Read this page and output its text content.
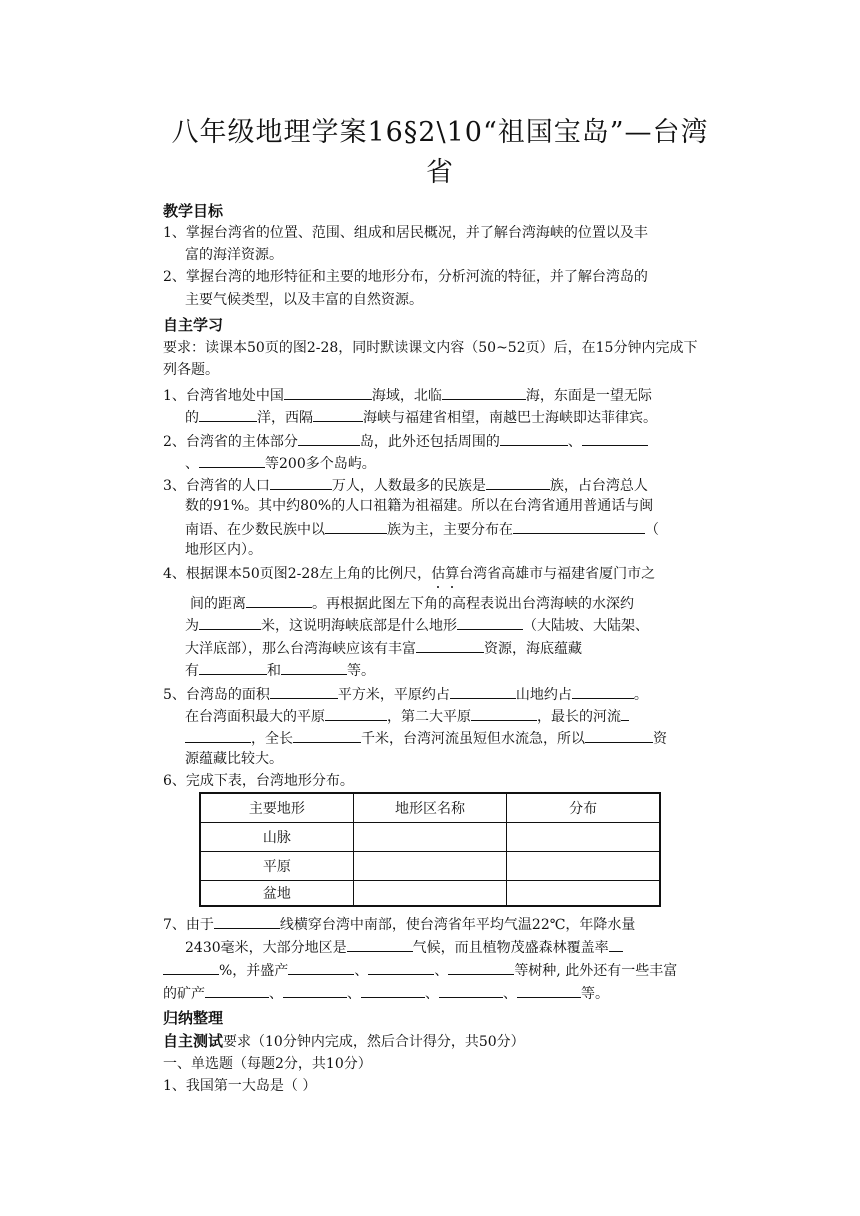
八年级地理学案16§2\10“祖国宝岛”—台湾
省
教学目标
1、掌握台湾省的位置、范围、组成和居民概况，并了解台湾海峡的位置以及丰
富的海洋资源。
2、掌握台湾的地形特征和主要的地形分布，分析河流的特征，并了解台湾岛的
主要气候类型，以及丰富的自然资源。
自主学习
要求：读课本50页的图2-28，同时默读课文内容（50~52页）后，在15分钟内完成下
列各题。
1、台湾省地处中国	海域，北临	海，东面是一望无际
的	洋，西隔	海峡与福建省相望，南越巴士海峡即达菲律宾。
2、台湾省的主体部分	岛，此外还包括周围的	、
、	等200多个岛屿。
3、台湾省的人口	万人，人数最多的民族是	族，占台湾总人
数的91%。其中约80%的人口祖籍为祖福建。所以在台湾省通用普通话与闽
南语、在少数民族中以	族为主，主要分布在	（
地形区内）。
4、根据课本50页图2-28左上角的比例尺，估算台湾省高雄市与福建省厦门市之
间的距离	。再根据此图左下角的高程表说出台湾海峡的水深约
为	米，这说明海峡底部是什么地形	（大陆坡、大陆架、
大洋底部），那么台湾海峡应该有丰富	资源，海底蕴藏
有	和	等。
5、台湾岛的面积	平方米，平原约占	山地约占	。
在台湾面积最大的平原	，第二大平原	，最长的河流
，全长	千米，台湾河流虽短但水流急，所以	资
源蕴藏比较大。
6、完成下表，台湾地形分布。
主要地形	地形区名称	分布
山脉		
平原		
盆地		
7、由于	线横穿台湾中南部，使台湾省年平均气温22℃，年降水量
2430毫米，大部分地区是	气候，而且植物茂盛森林覆盖率
%，并盛产	、	、	等树种, 此外还有一些丰富
的矿产	、	、	、	、	等。
归纳整理
自主测试要求（10分钟内完成，然后合计得分，共50分）
一、单选题（每题2分，共10分）
1、我国第一大岛是（ ）
